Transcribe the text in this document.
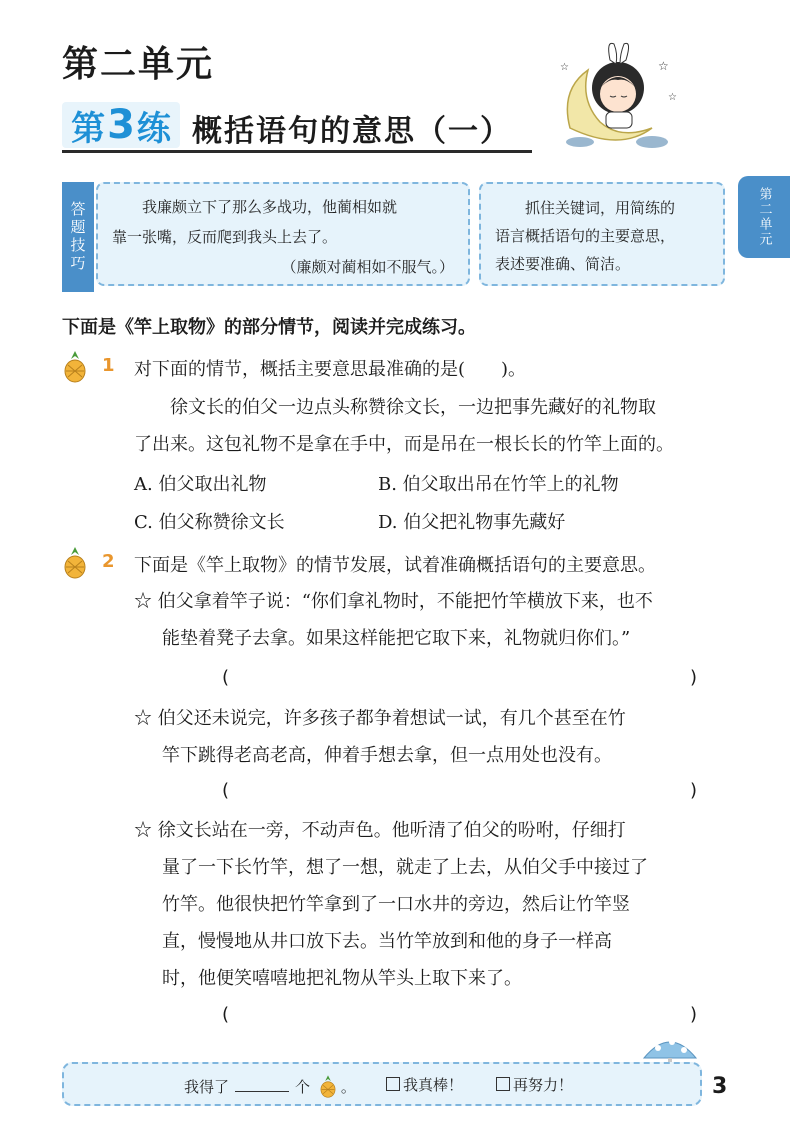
第二单元
第 3 练 概括语句的意思（一）
☆
☆
☆
第二单元
答题技巧	我廉颇立下了那么多战功，他蔺相如就
靠一张嘴，反而爬到我头上去了。
（廉颇对蔺相如不服气。）
抓住关键词，用简练的
语言概括语句的主要意思，
表述要准确、简洁。
下面是《竿上取物》的部分情节，阅读并完成练习。
1 对下面的情节，概括主要意思最准确的是(　　)。
徐文长的伯父一边点头称赞徐文长，一边把事先藏好的礼物取
了出来。这包礼物不是拿在手中，而是吊在一根长长的竹竿上面的。
A. 伯父取出礼物	B. 伯父取出吊在竹竿上的礼物
C. 伯父称赞徐文长	D. 伯父把礼物事先藏好
2 下面是《竿上取物》的情节发展，试着准确概括语句的主要意思。
☆ 伯父拿着竿子说：“你们拿礼物时，不能把竹竿横放下来，也不
能垫着凳子去拿。如果这样能把它取下来，礼物就归你们。”
(	)
☆ 伯父还未说完，许多孩子都争着想试一试，有几个甚至在竹
竿下跳得老高老高，伸着手想去拿，但一点用处也没有。
(	)
☆ 徐文长站在一旁，不动声色。他听清了伯父的吩咐，仔细打
量了一下长竹竿，想了一想，就走了上去，从伯父手中接过了
竹竿。他很快把竹竿拿到了一口水井的旁边，然后让竹竿竖
直，慢慢地从井口放下去。当竹竿放到和他的身子一样高
时，他便笑嘻嘻地把礼物从竿头上取下来了。
(	)
我得了	个 。	我真棒！	再努力！	3
